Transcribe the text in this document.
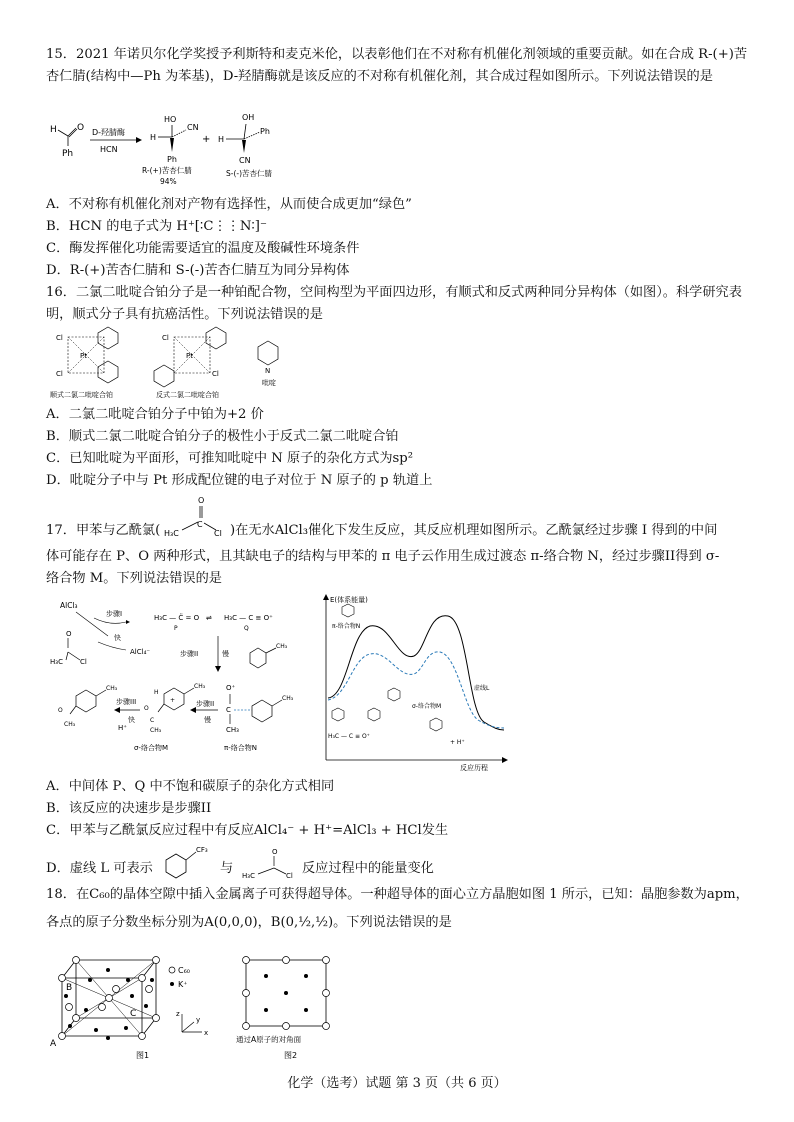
15．2021 年诺贝尔化学奖授予利斯特和麦克米伦，以表彰他们在不对称有机催化剂领域的重要贡献。如在合成 R-(+)苦杏仁腈(结构中—Ph 为苯基)，D-羟腈酶就是该反应的不对称有机催化剂，其合成过程如图所示。下列说法错误的是
H O
Ph
D-羟腈酶
HCN
HO
H
CN
Ph
R-(+)苦杏仁腈
94%
+
OH
H
Ph
CN
S-(-)苦杏仁腈
A．不对称有机催化剂对产物有选择性，从而使合成更加“绿色”
B．HCN 的电子式为 H⁺[∶C⋮⋮N∶]⁻
C．酶发挥催化功能需要适宜的温度及酸碱性环境条件
D．R-(+)苦杏仁腈和 S-(-)苦杏仁腈互为同分异构体
16．二氯二吡啶合铂分子是一种铂配合物，空间构型为平面四边形，有顺式和反式两种同分异构体（如图）。科学研究表明，顺式分子具有抗癌活性。下列说法错误的是
Pt
Cl
Cl
顺式二氯二吡啶合铂
Pt
Cl
Cl
反式二氯二吡啶合铂
N
吡啶
A．二氯二吡啶合铂分子中铂为+2 价
B．顺式二氯二吡啶合铂分子的极性小于反式二氯二吡啶合铂
C．已知吡啶为平面形，可推知吡啶中 N 原子的杂化方式为sp²
D．吡啶分子中与 Pt 形成配位键的电子对位于 N 原子的 p 轨道上
17．甲苯与乙酰氯(
O
H₃C
C
Cl )在无水AlCl₃催化下发生反应，其反应机理如图所示。乙酰氯经过步骤 I 得到的中间
体可能存在 P、O 两种形式，且其缺电子的结构与甲苯的 π 电子云作用生成过渡态 π-络合物 N，经过步骤II得到 σ-
络合物 M。下列说法错误的是
AlCl₃
步骤I
快
AlCl₄⁻
O
H₃C Cl
H₃C — C̈ = O
P
⇌ H₃C — C ≡ O⁺
Q
步骤II	慢
CH₃
O⁺
C
CH₃
CH₃
π-络合物N
步骤II
慢
+
H
CH₃
C
O
CH₃
σ-络合物M
步骤III
快
H⁺
CH₃
O
CH₃
E(体系能量)
反应历程
π-络合物N
σ-络合物M
虚线L
+ H⁺
H₃C — C ≡ O⁺
A．中间体 P、Q 中不饱和碳原子的杂化方式相同
B．该反应的决速步是步骤II
C．甲苯与乙酰氯反应过程中有反应AlCl₄⁻ + H⁺=AlCl₃ + HCl发生
D．虚线 L 可表示
CF₃
与
O
H₃C	Cl 反应过程中的能量变化
18．在C₆₀的晶体空隙中插入金属离子可获得超导体。一种超导体的面心立方晶胞如图 1 所示，已知：晶胞参数为apm，
各点的原子分数坐标分别为A(0,0,0)，B(0,½,½)。下列说法错误的是
A
B
C
C₆₀
K⁺
z
y
x
图1
通过A原子的对角面
图2
化学（选考）试题 第 3 页（共 6 页）
